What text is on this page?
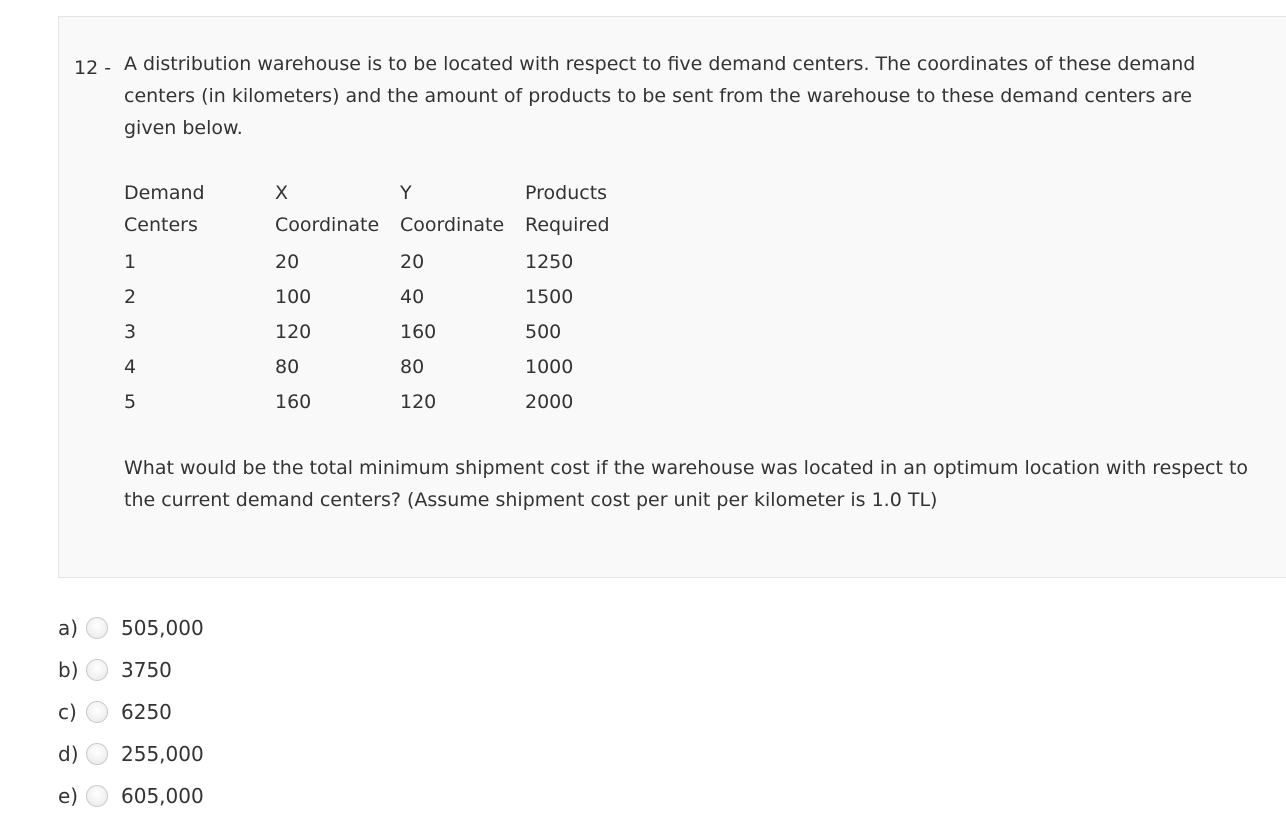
12 - A distribution warehouse is to be located with respect to five demand centers. The coordinates of these demand centers (in kilometers) and the amount of products to be sent from the warehouse to these demand centers are given below.

Demand	X	Y	Products
Centers	Coordinate	Coordinate	Required
1	20	20	1250
2	100	40	1500
3	120	160	500
4	80	80	1000
5	160	120	2000

What would be the total minimum shipment cost if the warehouse was located in an optimum location with respect to the current demand centers? (Assume shipment cost per unit per kilometer is 1.0 TL)

a)	505,000
b)	3750
c)	6250
d)	255,000
e)	605,000
